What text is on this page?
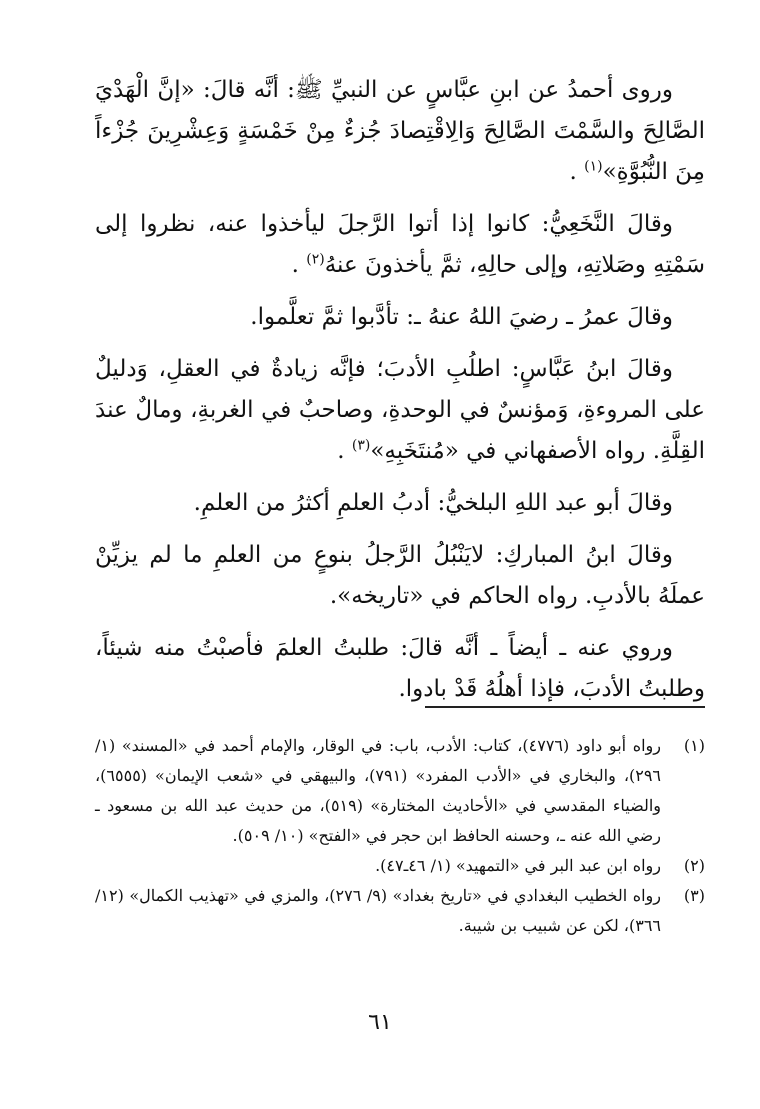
وروى أحمدُ عن ابنِ عبَّاسٍ عن النبيِّ ﷺ: أنَّه قالَ: «إنَّ الْهَدْيَ الصَّالِحَ والسَّمْتَ الصَّالِحَ وَالِاقْتِصادَ جُزءٌ مِنْ خَمْسَةٍ وَعِشْرِينَ جُزْءاً مِنَ النُّبُوَّةِ»$^{(١)}$ .

وقالَ النَّخَعِيُّ: كانوا إذا أتوا الرَّجلَ ليأخذوا عنه، نظروا إلى سَمْتِهِ وصَلاتِهِ، وإلى حالِهِ، ثمَّ يأخذونَ عنهُ$^{(٢)}$ .

وقالَ عمرُ ـ رضيَ اللهُ عنهُ ـ: تأدَّبوا ثمَّ تعلَّموا.

وقالَ ابنُ عَبَّاسٍ: اطلُبِ الأدبَ؛ فإنَّه زيادةٌ في العقلِ، وَدليلٌ على المروءةِ، وَمؤنسٌ في الوحدةِ، وصاحبٌ في الغربةِ، ومالٌ عندَ القِلَّةِ. رواه الأصفهاني في «مُنتَخَبِهِ»$^{(٣)}$ .

وقالَ أبو عبد اللهِ البلخيُّ: أدبُ العلمِ أكثرُ من العلمِ.

وقالَ ابنُ المباركِ: لايَنْبُلُ الرَّجلُ بنوعٍ من العلمِ ما لم يزيِّنْ عملَهُ بالأدبِ. رواه الحاكم في «تاريخه».

وروي عنه ـ أيضاً ـ أنَّه قالَ: طلبتُ العلمَ فأصبْتُ منه شيئاً، وطلبتُ الأدبَ، فإذا أهلُهُ قَدْ بادوا.

(١)
رواه أبو داود (٤٧٧٦)، كتاب: الأدب، باب: في الوقار، والإمام أحمد في «المسند» (١/ ٢٩٦)، والبخاري في «الأدب المفرد» (٧٩١)، والبيهقي في «شعب الإيمان» (٦٥٥٥)، والضياء المقدسي في «الأحاديث المختارة» (٥١٩)، من حديث عبد الله بن مسعود ـ رضي الله عنه ـ، وحسنه الحافظ ابن حجر في «الفتح» (١٠/ ٥٠٩).
(٢)
رواه ابن عبد البر في «التمهيد» (١/ ٤٦ـ٤٧).
(٣)
رواه الخطيب البغدادي في «تاريخ بغداد» (٩/ ٢٧٦)، والمزي في «تهذيب الكمال» (١٢/ ٣٦٦)، لكن عن شبيب بن شيبة.
٦١
